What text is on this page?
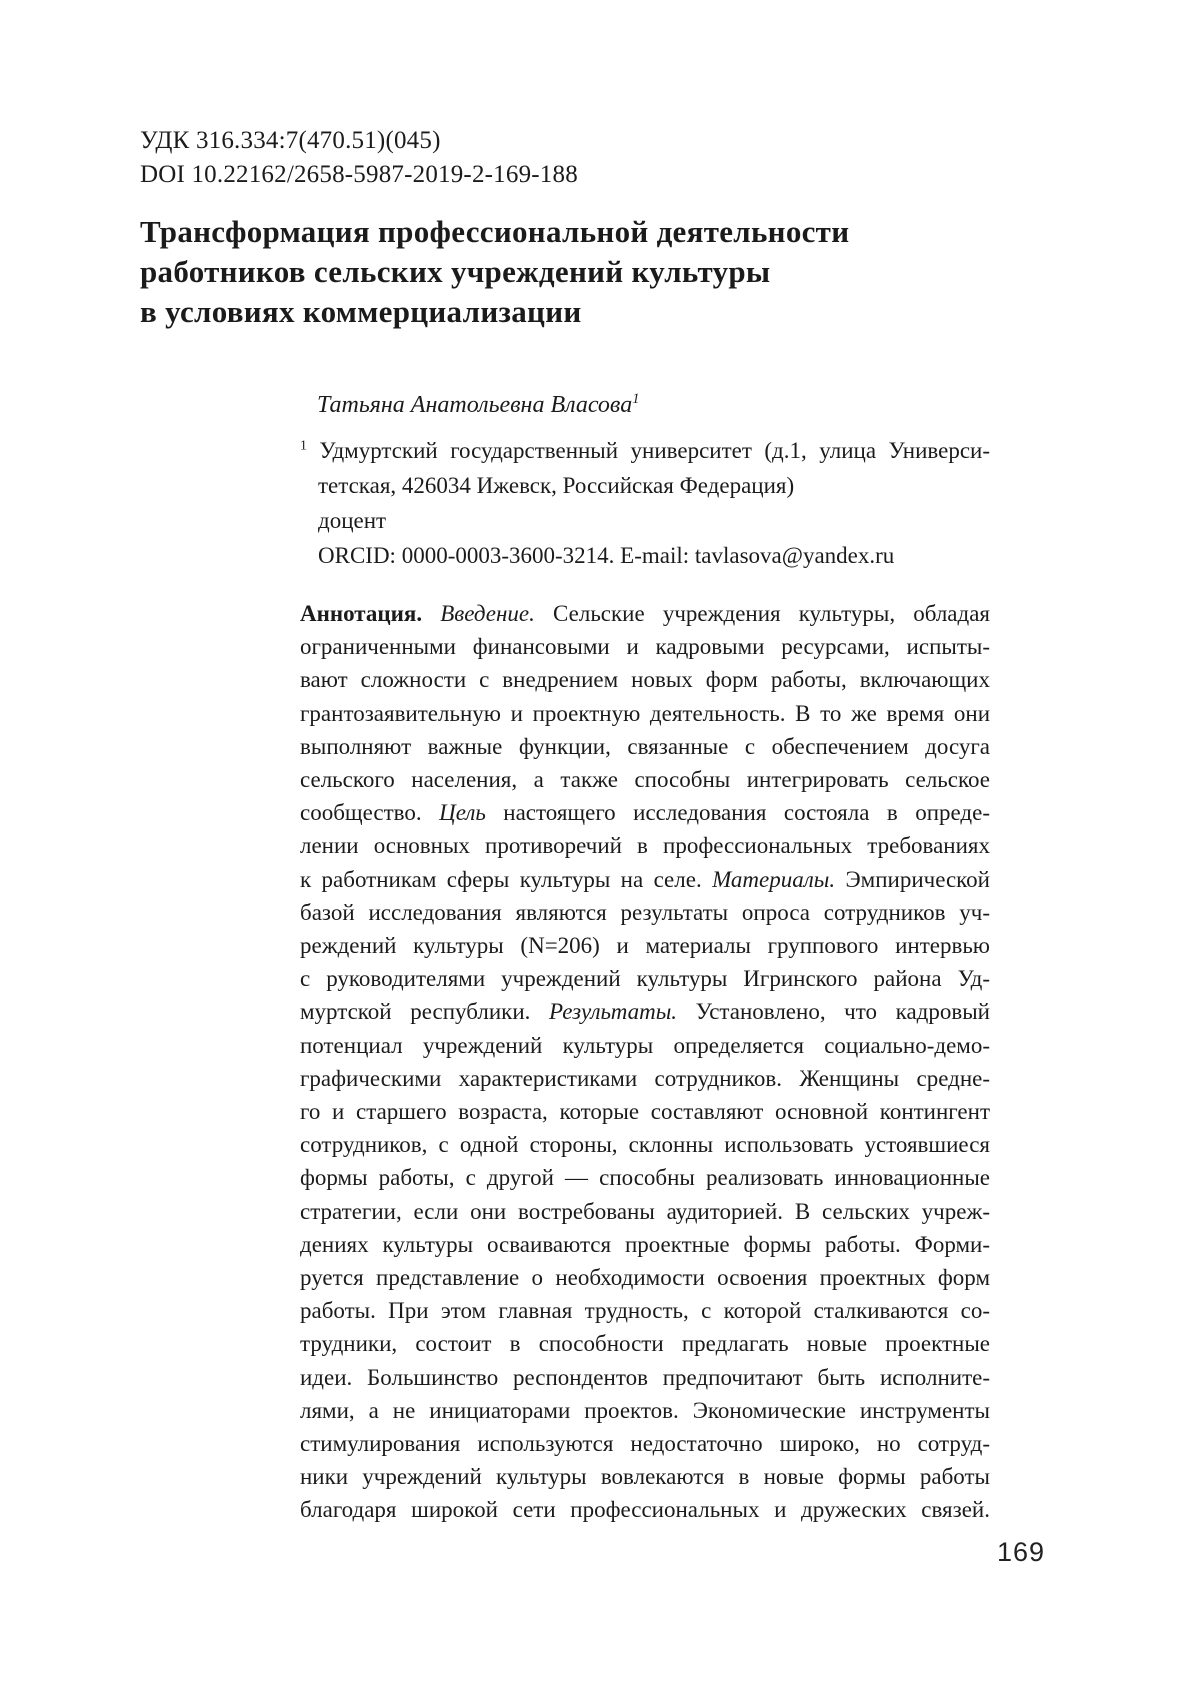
УДК 316.334:7(470.51)(045)
DOI 10.22162/2658-5987-2019-2-169-188
Трансформация профессиональной деятельности
работников сельских учреждений культуры
в условиях коммерциализации
Татьяна Анатольевна Власова$^1$
$^1$ Удмуртский государственный университет (д.1, улица Универси-
тетская, 426034 Ижевск, Российская Федерация)
доцент
ORCID: 0000-0003-3600-3214. E-mail: tavlasova@yandex.ru
Аннотация. Введение. Сельские учреждения культуры, обладая
ограниченными финансовыми и кадровыми ресурсами, испыты-
вают сложности с внедрением новых форм работы, включающих
грантозаявительную и проектную деятельность. В то же время они
выполняют важные функции, связанные с обеспечением досуга
сельского населения, а также способны интегрировать сельское
сообщество. Цель настоящего исследования состояла в опреде-
лении основных противоречий в профессиональных требованиях
к работникам сферы культуры на селе. Материалы. Эмпирической
базой исследования являются результаты опроса сотрудников уч-
реждений культуры (N=206) и материалы группового интервью
с руководителями учреждений культуры Игринского района Уд-
муртской республики. Результаты. Установлено, что кадровый
потенциал учреждений культуры определяется социально-демо-
графическими характеристиками сотрудников. Женщины средне-
го и старшего возраста, которые составляют основной контингент
сотрудников, с одной стороны, склонны использовать устоявшиеся
формы работы, с другой — способны реализовать инновационные
стратегии, если они востребованы аудиторией. В сельских учреж-
дениях культуры осваиваются проектные формы работы. Форми-
руется представление о необходимости освоения проектных форм
работы. При этом главная трудность, с которой сталкиваются со-
трудники, состоит в способности предлагать новые проектные
идеи. Большинство респондентов предпочитают быть исполните-
лями, а не инициаторами проектов. Экономические инструменты
стимулирования используются недостаточно широко, но сотруд-
ники учреждений культуры вовлекаются в новые формы работы
благодаря широкой сети профессиональных и дружеских связей.
169
